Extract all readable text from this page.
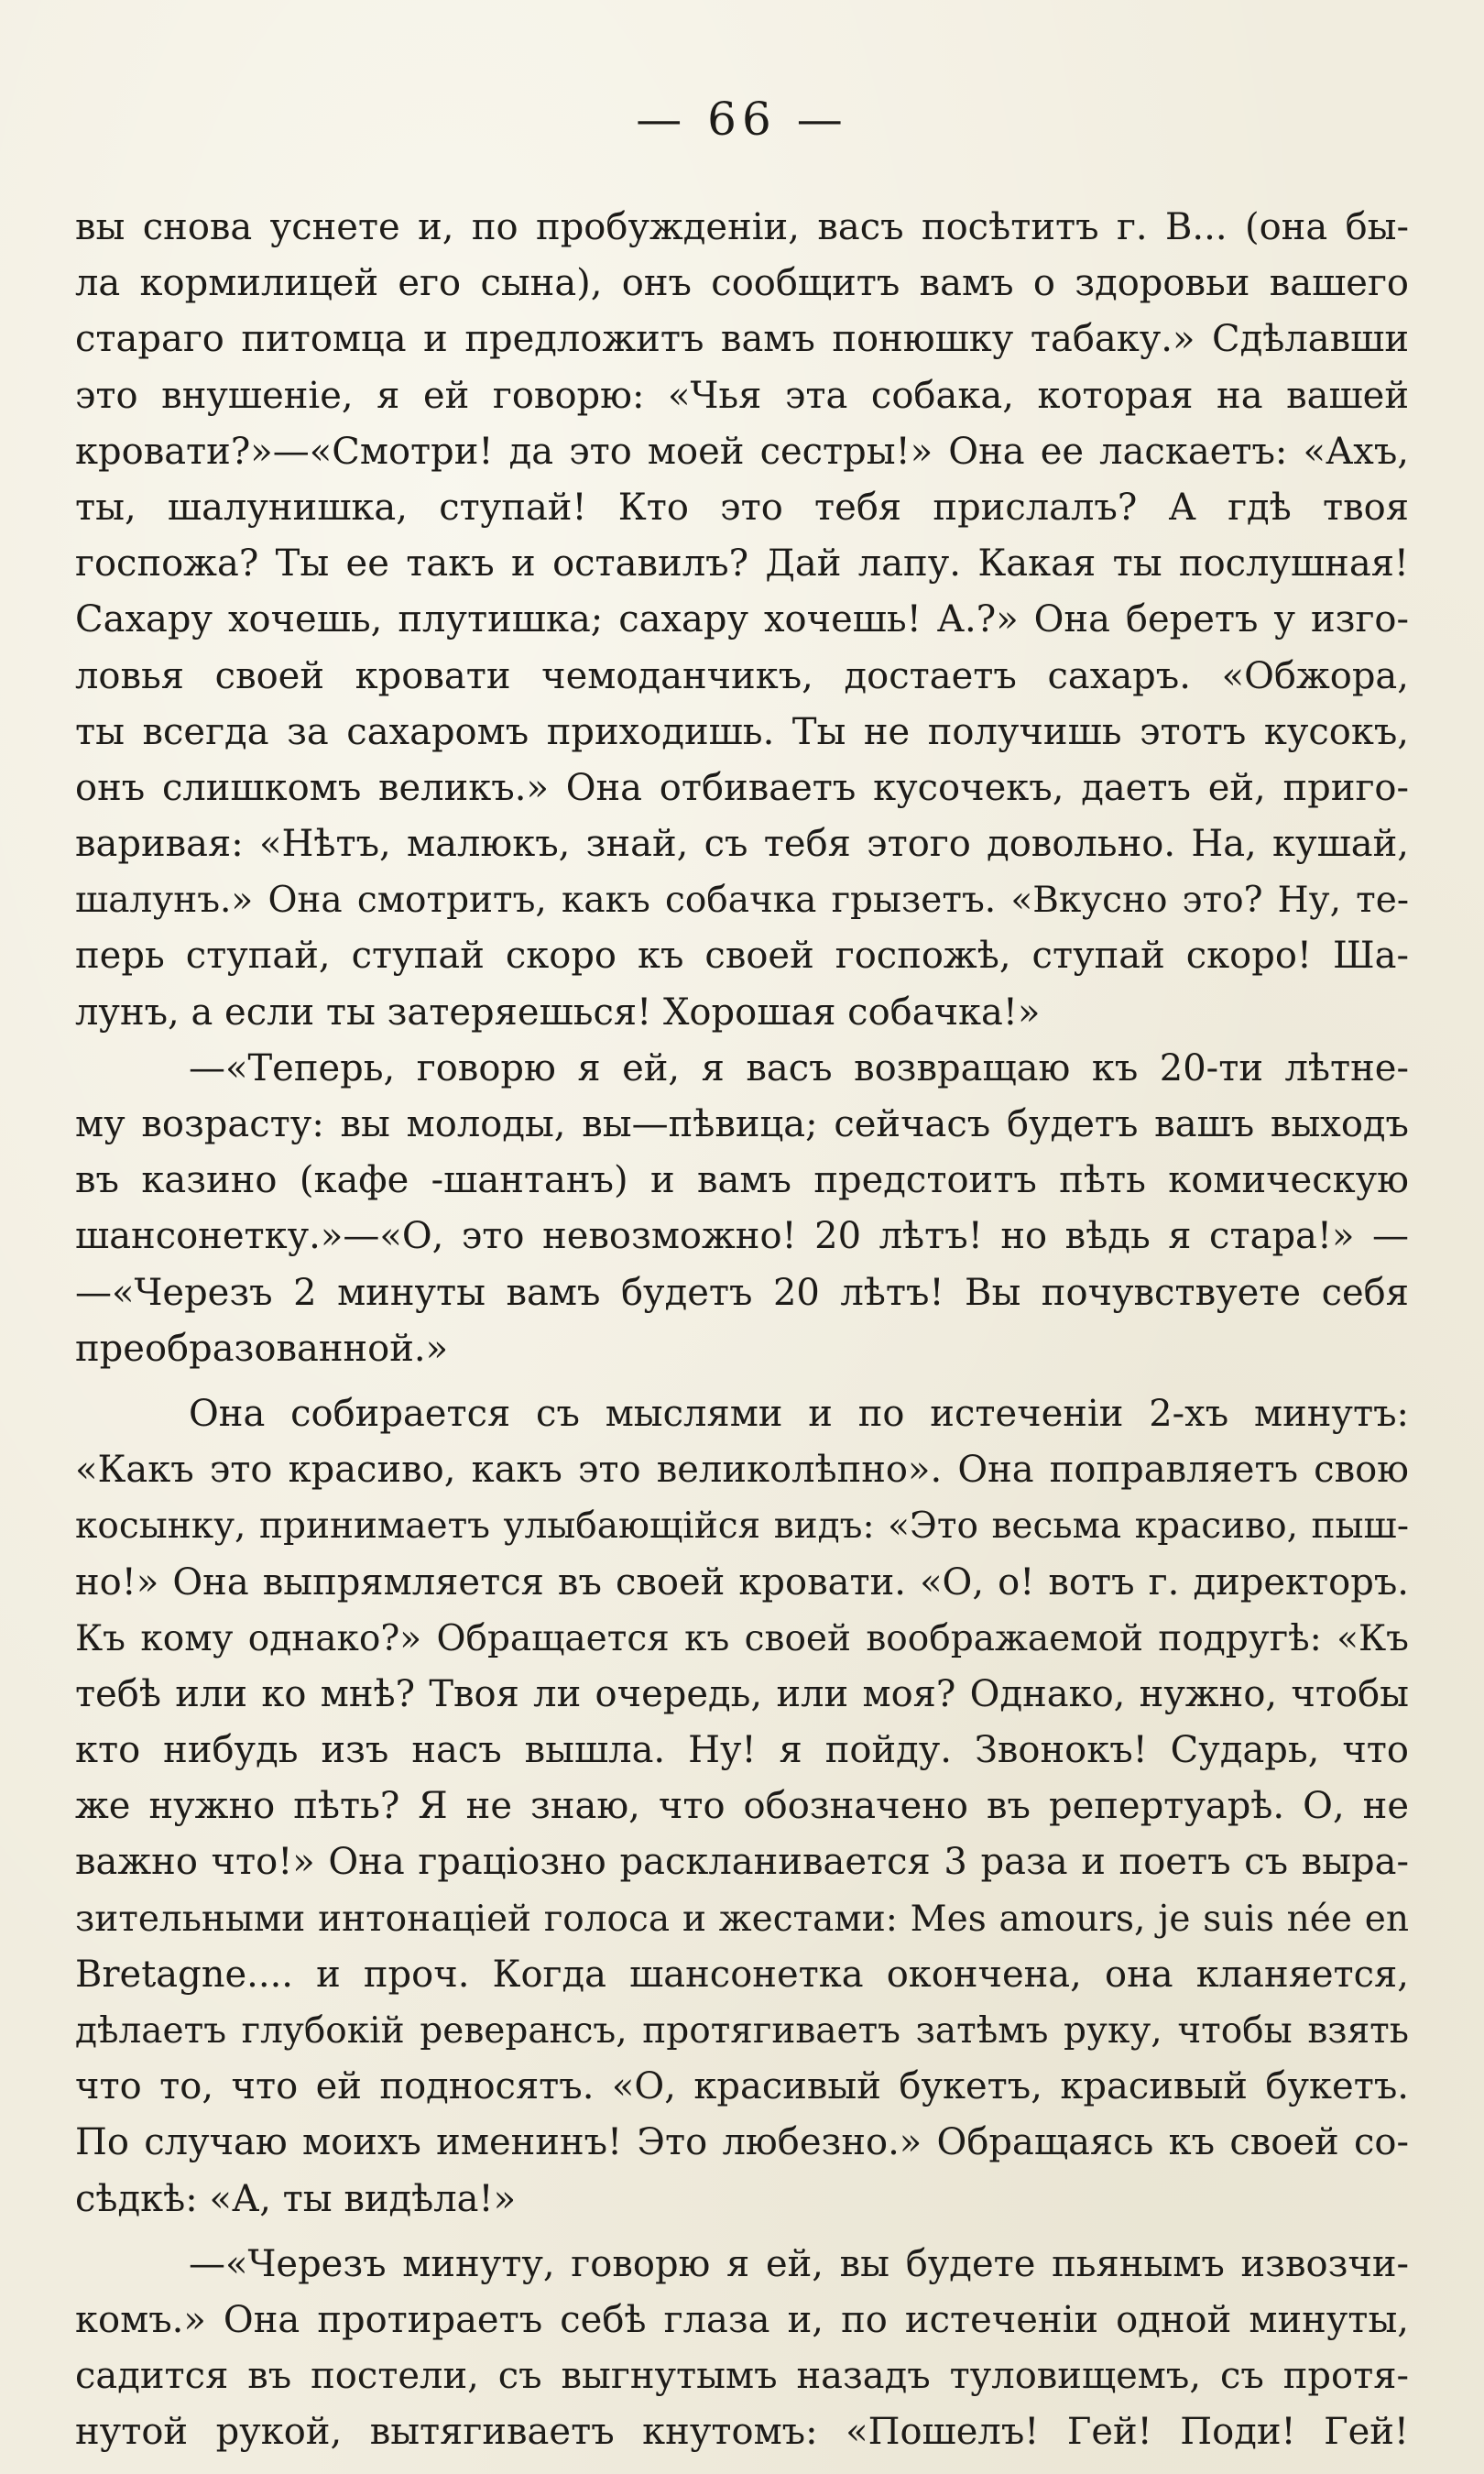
— 66 —
вы снова уснете и, по пробужденіи, васъ посѣтитъ г. В... (она бы-
ла кормилицей его сына), онъ сообщитъ вамъ о здоровьи вашего
стараго питомца и предложитъ вамъ понюшку табаку.» Сдѣлавши
это внушеніе, я ей говорю: «Чья эта собака, которая на вашей
кровати?»—«Смотри! да это моей сестры!» Она ее ласкаетъ: «Ахъ,
ты, шалунишка, ступай! Кто это тебя прислалъ? А гдѣ твоя
госпожа? Ты ее такъ и оставилъ? Дай лапу. Какая ты послушная!
Сахару хочешь, плутишка; сахару хочешь! А.?» Она беретъ у изго-
ловья своей кровати чемоданчикъ, достаетъ сахаръ. «Обжора,
ты всегда за сахаромъ приходишь. Ты не получишь этотъ кусокъ,
онъ слишкомъ великъ.» Она отбиваетъ кусочекъ, даетъ ей, приго-
варивая: «Нѣтъ, малюкъ, знай, съ тебя этого довольно. На, кушай,
шалунъ.» Она смотритъ, какъ собачка грызетъ. «Вкусно это? Ну, те-
перь ступай, ступай скоро къ своей госпожѣ, ступай скоро! Ша-
лунъ, а если ты затеряешься! Хорошая собачка!»
—«Теперь, говорю я ей, я васъ возвращаю къ 20-ти лѣтне-
му возрасту: вы молоды, вы—пѣвица; сейчасъ будетъ вашъ выходъ
въ казино (кафе -шантанъ) и вамъ предстоитъ пѣть комическую
шансонетку.»—«О, это невозможно! 20 лѣтъ! но вѣдь я стара!» —
—«Черезъ 2 минуты вамъ будетъ 20 лѣтъ! Вы почувствуете себя
преобразованной.»
Она собирается съ мыслями и по истеченіи 2-хъ минутъ:
«Какъ это красиво, какъ это великолѣпно». Она поправляетъ свою
косынку, принимаетъ улыбающійся видъ: «Это весьма красиво, пыш-
но!» Она выпрямляется въ своей кровати. «О, о! вотъ г. директоръ.
Къ кому однако?» Обращается къ своей воображаемой подругѣ: «Къ
тебѣ или ко мнѣ? Твоя ли очередь, или моя? Однако, нужно, чтобы
кто нибудь изъ насъ вышла. Ну! я пойду. Звонокъ! Сударь, что
же нужно пѣть? Я не знаю, что обозначено въ репертуарѣ. О, не
важно что!» Она граціозно раскланивается 3 раза и поетъ съ выра-
зительными интонаціей голоса и жестами: Mes amours, je suis née en
Bretagne.... и проч. Когда шансонетка окончена, она кланяется,
дѣлаетъ глубокій реверансъ, протягиваетъ затѣмъ руку, чтобы взять
что то, что ей подносятъ. «О, красивый букетъ, красивый букетъ.
По случаю моихъ именинъ! Это любезно.» Обращаясь къ своей со-
сѣдкѣ: «А, ты видѣла!»
—«Черезъ минуту, говорю я ей, вы будете пьянымъ извозчи-
комъ.» Она протираетъ себѣ глаза и, по истеченіи одной минуты,
садится въ постели, съ выгнутымъ назадъ туловищемъ, съ протя-
нутой рукой, вытягиваетъ кнутомъ: «Пошелъ! Гей! Поди! Гей!
